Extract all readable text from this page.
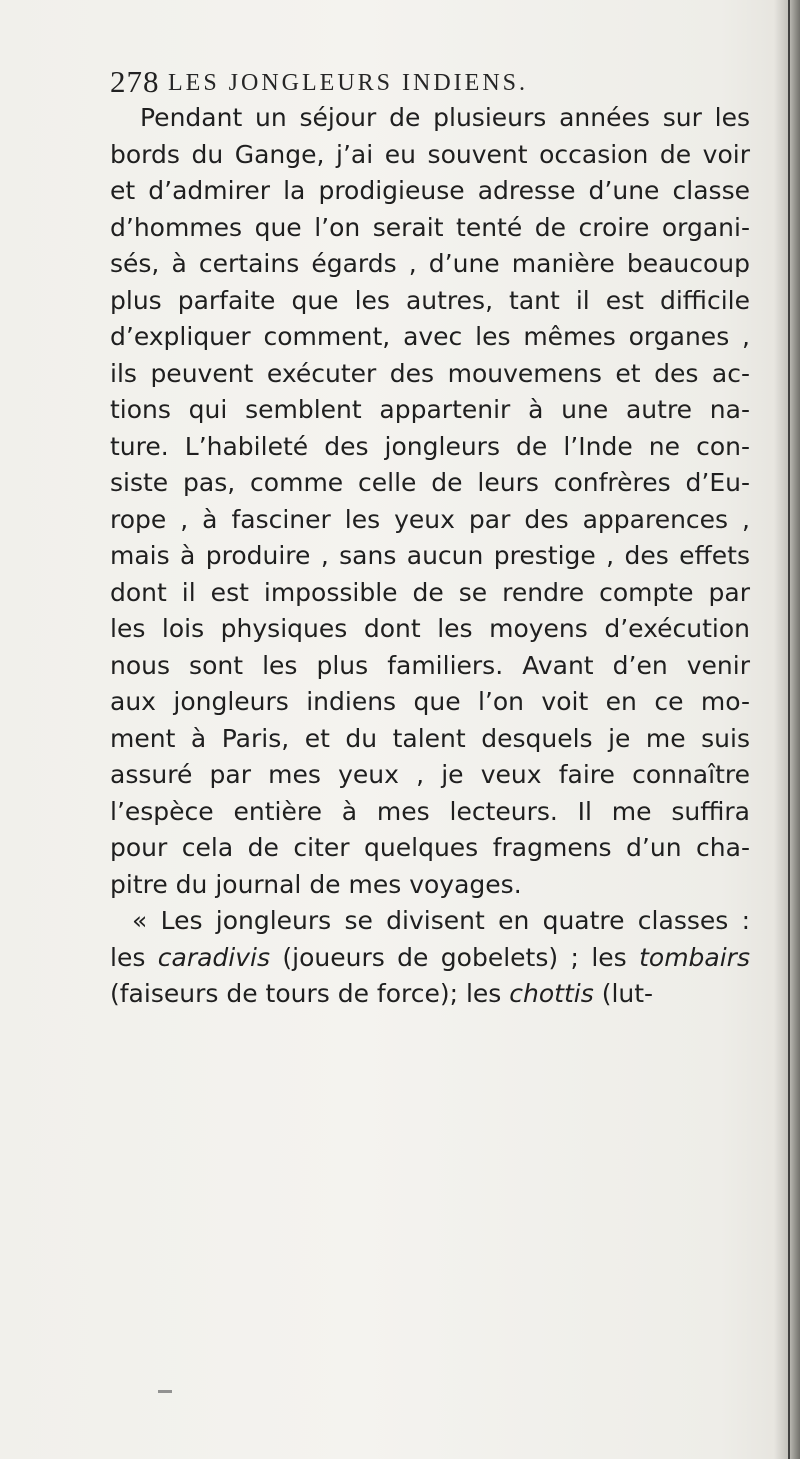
278 LES JONGLEURS INDIENS.
Pendant un séjour de plusieurs années sur les
bords du Gange, j’ai eu souvent occasion de voir
et d’admirer la prodigieuse adresse d’une classe
d’hommes que l’on serait tenté de croire organi-
sés, à certains égards , d’une manière beaucoup
plus parfaite que les autres, tant il est difficile
d’expliquer comment, avec les mêmes organes ,
ils peuvent exécuter des mouvemens et des ac-
tions qui semblent appartenir à une autre na-
ture. L’habileté des jongleurs de l’Inde ne con-
siste pas, comme celle de leurs confrères d’Eu-
rope , à fasciner les yeux par des apparences ,
mais à produire , sans aucun prestige , des effets
dont il est impossible de se rendre compte par
les lois physiques dont les moyens d’exécution
nous sont les plus familiers. Avant d’en venir
aux jongleurs indiens que l’on voit en ce mo-
ment à Paris, et du talent desquels je me suis
assuré par mes yeux , je veux faire connaître
l’espèce entière à mes lecteurs. Il me suffira
pour cela de citer quelques fragmens d’un cha-
pitre du journal de mes voyages.
« Les jongleurs se divisent en quatre classes :
les caradivis (joueurs de gobelets) ; les tombairs
(faiseurs de tours de force); les chottis (lut-
